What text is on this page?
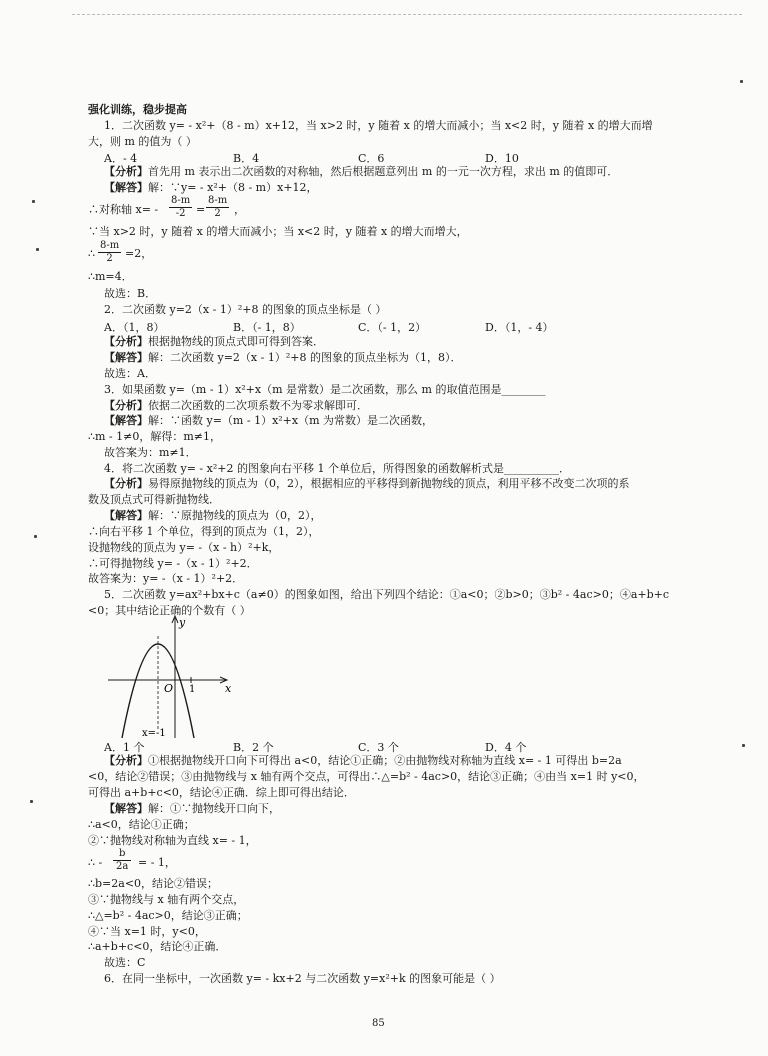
强化训练，稳步提高
1．二次函数 y= - x²+（8 - m）x+12，当 x>2 时，y 随着 x 的增大而减小；当 x<2 时，y 随着 x 的增大而增
大，则 m 的值为（ ）
A．- 4	B．4	C．6	D．10
【分析】首先用 m 表示出二次函数的对称轴，然后根据题意列出 m 的一元一次方程，求出 m 的值即可．
【解答】解：∵y= - x²+（8 - m）x+12，
∴对称轴 $x= - \frac{8-m}{-2} = \frac{8-m}{2}$ ，
∵当 x>2 时，y 随着 x 的增大而减小；当 x<2 时，y 随着 x 的增大而增大，
∴ $\frac{8-m}{2} =2$，
∴m=4．
故选：B．
2．二次函数 y=2（x - 1）²+8 的图象的顶点坐标是（ ）
A．（1，8）	B．（- 1，8）	C．（- 1，2）	D．（1，- 4）
【分析】根据抛物线的顶点式即可得到答案．
【解答】解：二次函数 y=2（x - 1）²+8 的图象的顶点坐标为（1，8）．
故选：A．
3．如果函数 y=（m - 1）x²+x（m 是常数）是二次函数，那么 m 的取值范围是________
【分析】依据二次函数的二次项系数不为零求解即可．
【解答】解：∵函数 y=（m - 1）x²+x（m 为常数）是二次函数，
∴m - 1≠0，解得：m≠1，
故答案为：m≠1．
4．将二次函数 y= - x²+2 的图象向右平移 1 个单位后，所得图象的函数解析式是__________．
【分析】易得原抛物线的顶点为（0，2），根据相应的平移得到新抛物线的顶点，利用平移不改变二次项的系
数及顶点式可得新抛物线．
【解答】解：∵原抛物线的顶点为（0，2），
∴向右平移 1 个单位，得到的顶点为（1，2），
设抛物线的顶点为 y= -（x - h）²+k，
∴可得抛物线 y= -（x - 1）²+2．
故答案为：y= -（x - 1）²+2．
5．二次函数 y=ax²+bx+c（a≠0）的图象如图，给出下列四个结论：①a<0；②b>0；③b² - 4ac>0；④a+b+c
<0；其中结论正确的个数有（ ）
y
x
O 1
x=-1
A．1 个	B．2 个	C．3 个	D．4 个
【分析】①根据抛物线开口向下可得出 a<0，结论①正确；②由抛物线对称轴为直线 x= - 1 可得出 b=2a
<0，结论②错误；③由抛物线与 x 轴有两个交点，可得出∴△=b² - 4ac>0，结论③正确；④由当 x=1 时 y<0，
可得出 a+b+c<0，结论④正确．综上即可得出结论．
【解答】解：①∵抛物线开口向下，
∴a<0，结论①正确；
②∵抛物线对称轴为直线 x= - 1，
∴ - $\frac{b}{2a}$ = - 1，
∴b=2a<0，结论②错误；
③∵抛物线与 x 轴有两个交点，
∴△=b² - 4ac>0，结论③正确；
④∵当 x=1 时，y<0，
∴a+b+c<0，结论④正确．
故选：C
6．在同一坐标中，一次函数 y= - kx+2 与二次函数 y=x²+k 的图象可能是（ ）
85
